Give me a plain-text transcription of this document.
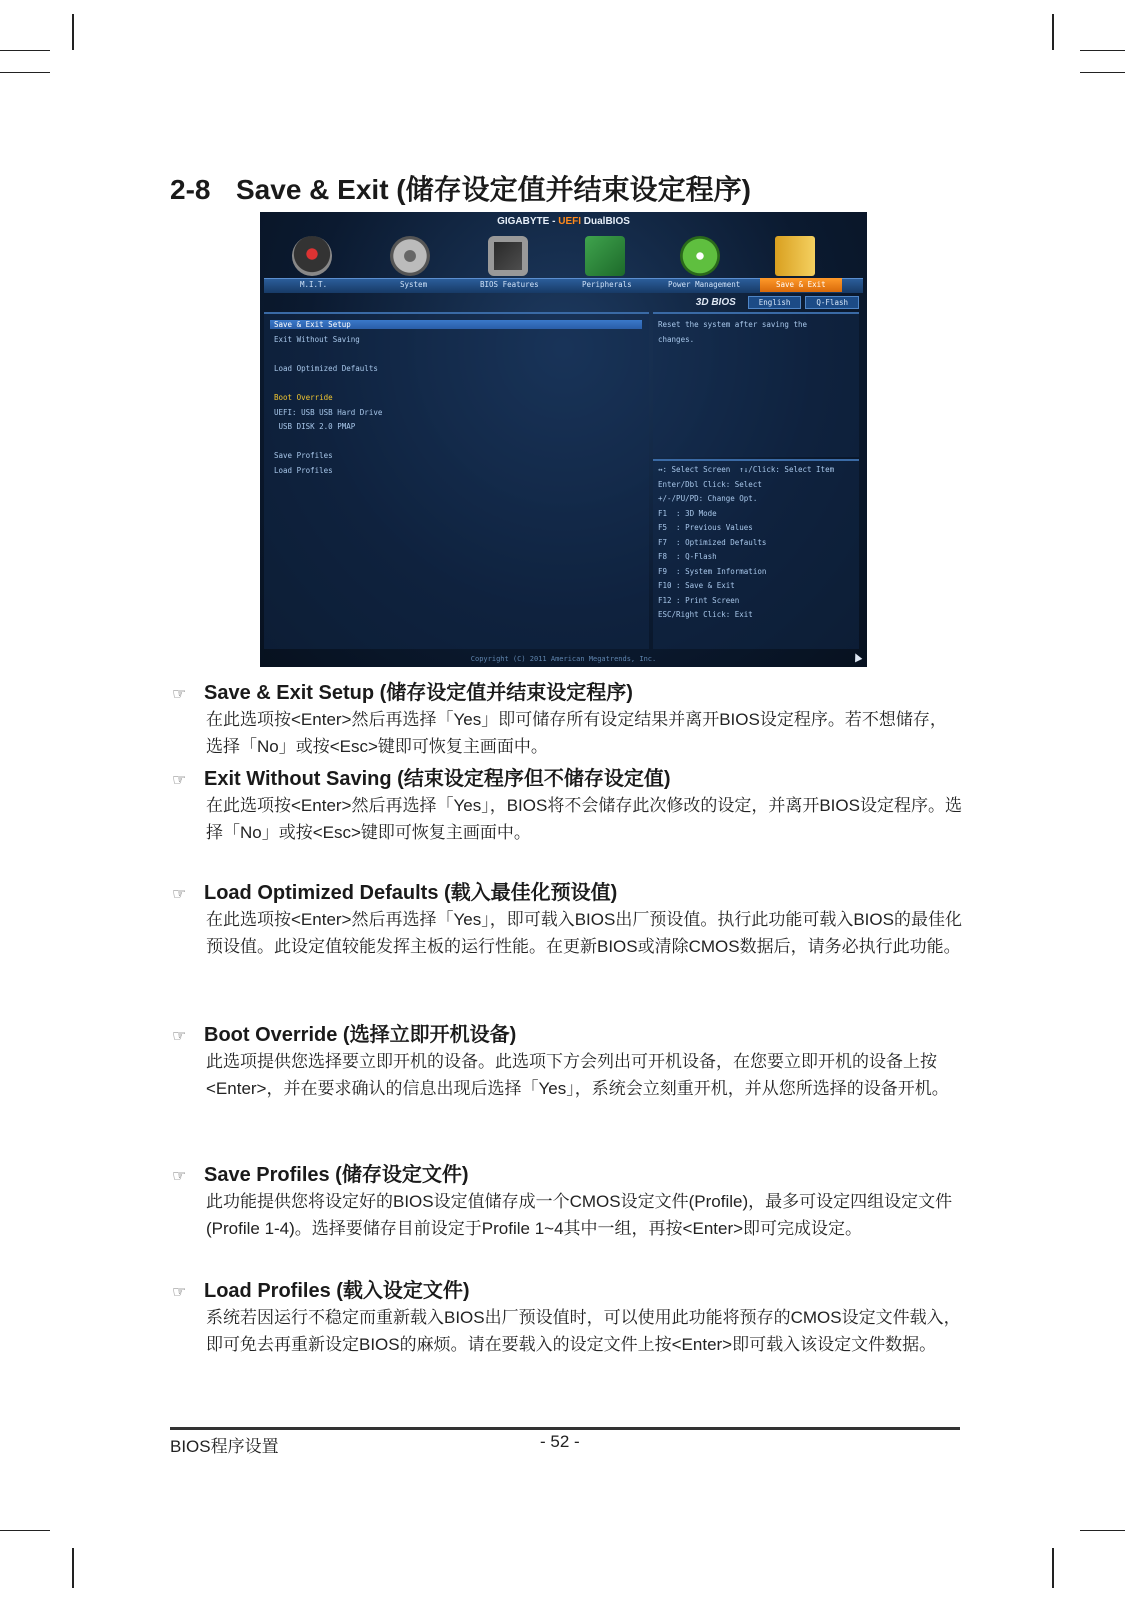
2-8 Save & Exit (储存设定值并结束设定程序)
GIGABYTE - UEFI DualBIOS
M.I.T.	System	BIOS Features	Peripherals	Power Management	Save & Exit
3D BIOS	English	Q-Flash
Save & Exit Setup
Exit Without Saving
Load Optimized Defaults
Boot Override
UEFI: USB USB Hard Drive
USB DISK 2.0 PMAP
Save Profiles
Load Profiles
Reset the system after saving the
changes.
↔: Select Screen  ↑↓/Click: Select Item
Enter/Dbl Click: Select
+/-/PU/PD: Change Opt.
F1  : 3D Mode
F5  : Previous Values
F7  : Optimized Defaults
F8  : Q-Flash
F9  : System Information
F10 : Save & Exit
F12 : Print Screen
ESC/Right Click: Exit
Copyright (C) 2011 American Megatrends, Inc.
☞ Save & Exit Setup (储存设定值并结束设定程序)
在此选项按<Enter>然后再选择「Yes」即可储存所有设定结果并离开BIOS设定程序。若不想储存，选择「No」或按<Esc>键即可恢复主画面中。
☞ Exit Without Saving (结束设定程序但不储存设定值)
在此选项按<Enter>然后再选择「Yes」，BIOS将不会储存此次修改的设定，并离开BIOS设定程序。选择「No」或按<Esc>键即可恢复主画面中。
☞ Load Optimized Defaults (载入最佳化预设值)
在此选项按<Enter>然后再选择「Yes」，即可载入BIOS出厂预设值。执行此功能可载入BIOS的最佳化预设值。此设定值较能发挥主板的运行性能。在更新BIOS或清除CMOS数据后，请务必执行此功能。
☞ Boot Override (选择立即开机设备)
此选项提供您选择要立即开机的设备。此选项下方会列出可开机设备，在您要立即开机的设备上按<Enter>，并在要求确认的信息出现后选择「Yes」，系统会立刻重开机，并从您所选择的设备开机。
☞ Save Profiles (储存设定文件)
此功能提供您将设定好的BIOS设定值储存成一个CMOS设定文件(Profile)，最多可设定四组设定文件(Profile 1-4)。选择要储存目前设定于Profile 1~4其中一组，再按<Enter>即可完成设定。
☞ Load Profiles (载入设定文件)
系统若因运行不稳定而重新载入BIOS出厂预设值时，可以使用此功能将预存的CMOS设定文件载入，即可免去再重新设定BIOS的麻烦。请在要载入的设定文件上按<Enter>即可载入该设定文件数据。
BIOS程序设置	- 52 -
